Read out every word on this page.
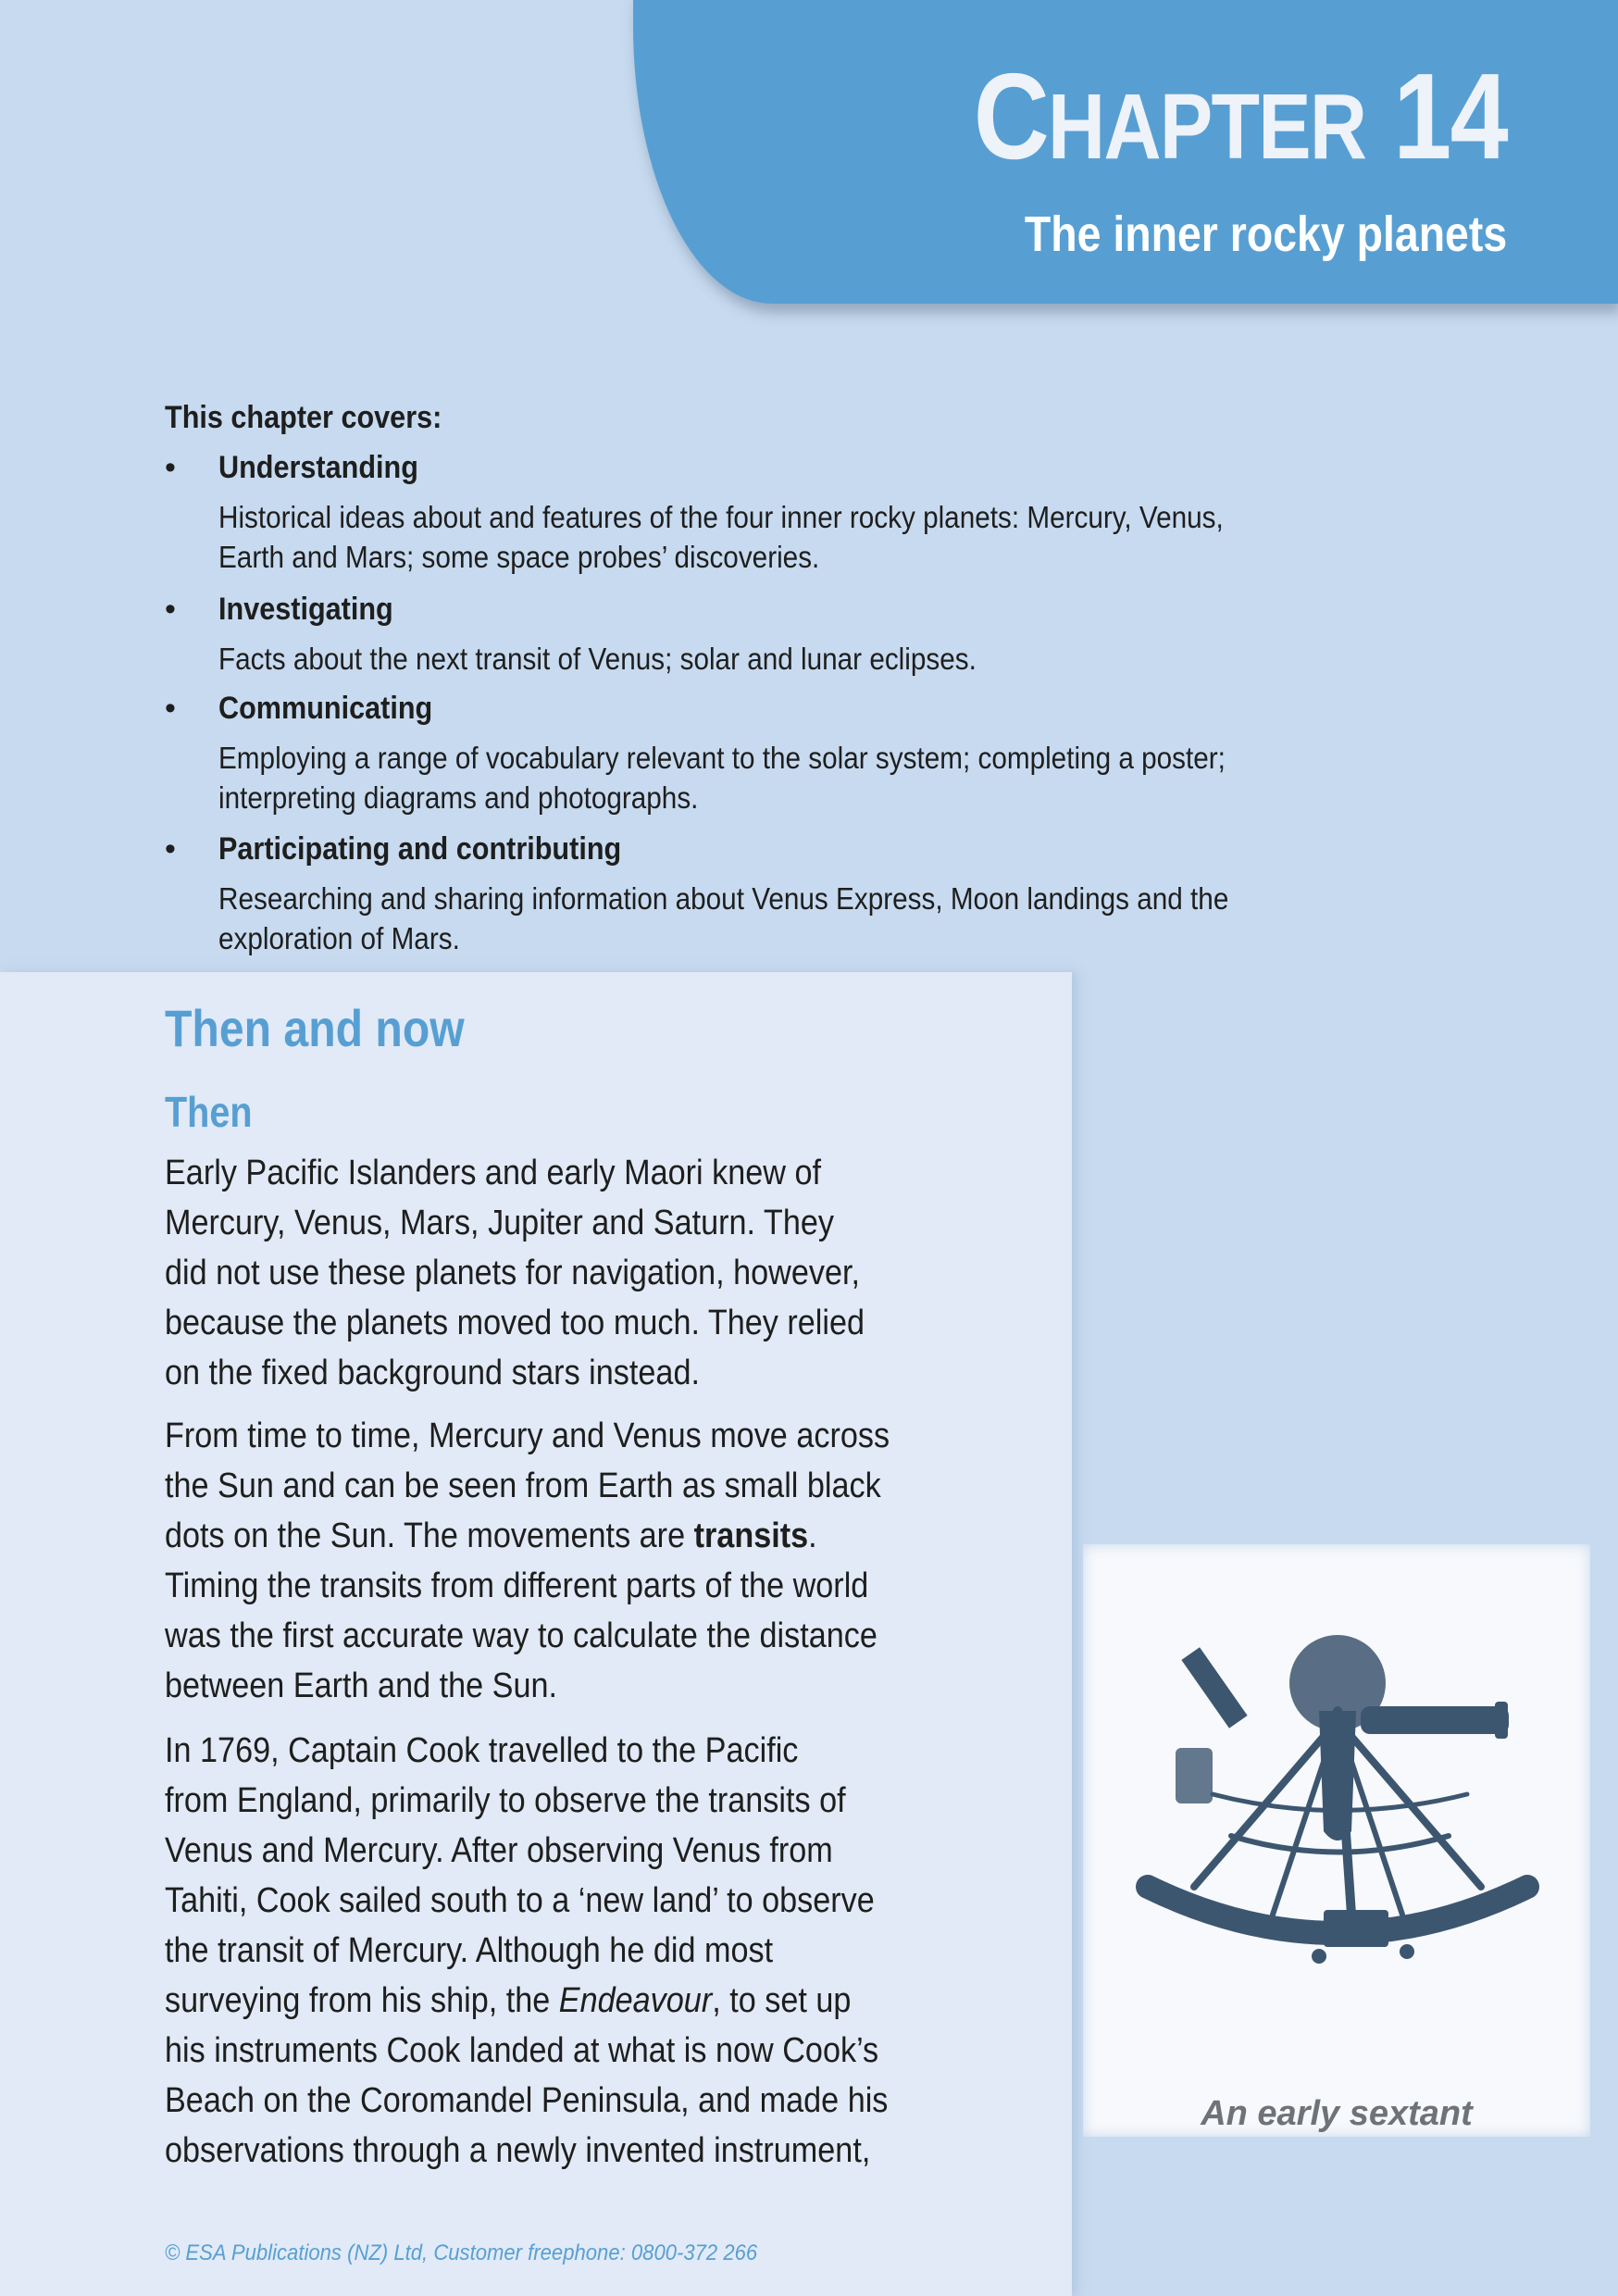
CHAPTER 14
The inner rocky planets
This chapter covers:
• Understanding
Historical ideas about and features of the four inner rocky planets: Mercury, Venus,
Earth and Mars; some space probes’ discoveries.
• Investigating
Facts about the next transit of Venus; solar and lunar eclipses.
• Communicating
Employing a range of vocabulary relevant to the solar system; completing a poster;
interpreting diagrams and photographs.
• Participating and contributing
Researching and sharing information about Venus Express, Moon landings and the
exploration of Mars.
Then and now
Then
Early Pacific Islanders and early Maori knew of
Mercury, Venus, Mars, Jupiter and Saturn. They
did not use these planets for navigation, however,
because the planets moved too much. They relied
on the fixed background stars instead.
From time to time, Mercury and Venus move across
the Sun and can be seen from Earth as small black
dots on the Sun. The movements are transits.
Timing the transits from different parts of the world
was the first accurate way to calculate the distance
between Earth and the Sun.
In 1769, Captain Cook travelled to the Pacific
from England, primarily to observe the transits of
Venus and Mercury. After observing Venus from
Tahiti, Cook sailed south to a ‘new land’ to observe
the transit of Mercury. Although he did most
surveying from his ship, the Endeavour, to set up
his instruments Cook landed at what is now Cook’s
Beach on the Coromandel Peninsula, and made his
observations through a newly invented instrument,
© ESA Publications (NZ) Ltd, Customer freephone: 0800-372 266
An early sextant
